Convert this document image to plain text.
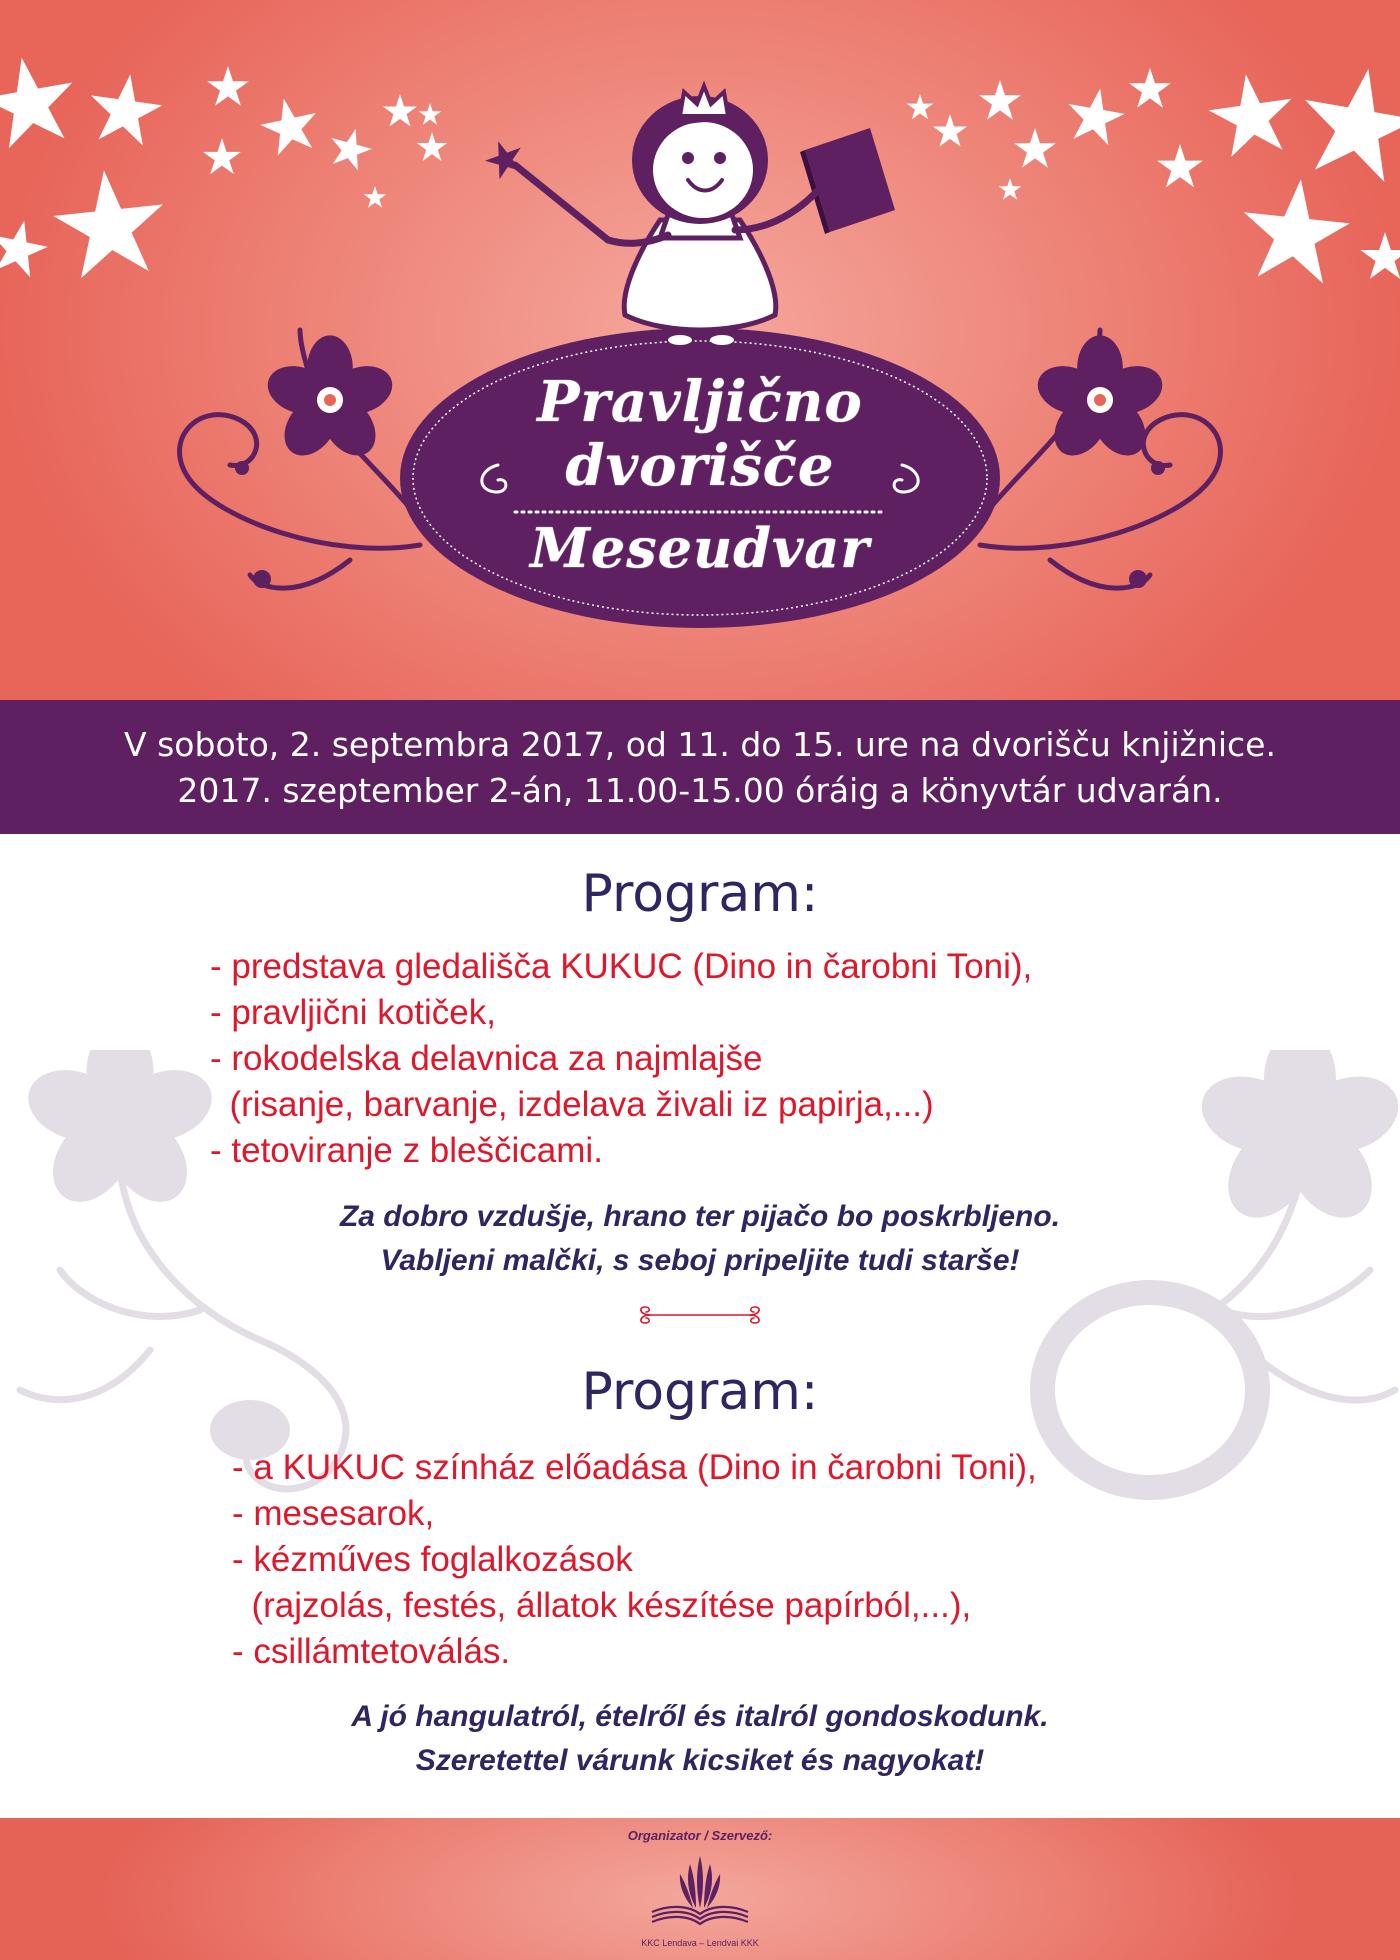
Pravljično
dvorišče
Meseudvar
V soboto, 2. septembra 2017, od 11. do 15. ure na dvorišču knjižnice.
2017. szeptember 2-án, 11.00-15.00 óráig a könyvtár udvarán.
Program:
- predstava gledališča KUKUC (Dino in čarobni Toni),
- pravljični kotiček,
- rokodelska delavnica za najmlajše
(risanje, barvanje, izdelava živali iz papirja,...)
- tetoviranje z bleščicami.
Za dobro vzdušje, hrano ter pijačo bo poskrbljeno.
Vabljeni malčki, s seboj pripeljite tudi starše!
Program:
- a KUKUC színház előadása (Dino in čarobni Toni),
- mesesarok,
- kézműves foglalkozások
(rajzolás, festés, állatok készítése papírból,...),
- csillámtetoválás.
A jó hangulatról, ételről és italról gondoskodunk.
Szeretettel várunk kicsiket és nagyokat!
Organizator / Szervező:
KKC Lendava – Lendvai KKK
